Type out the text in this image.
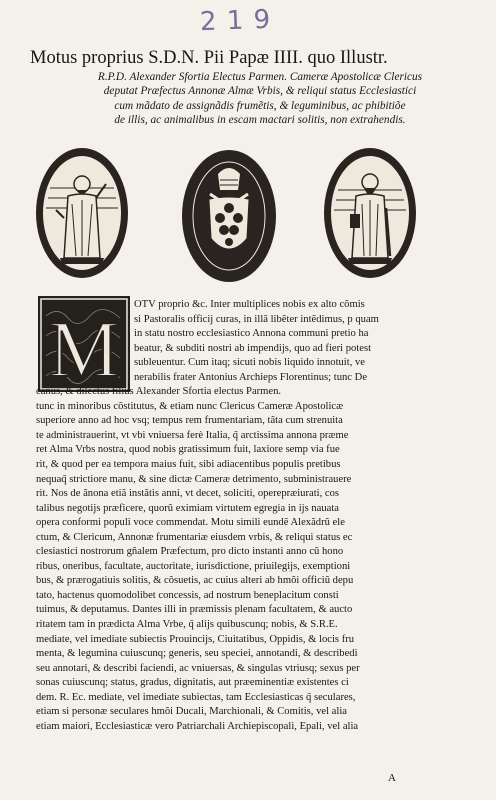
2 1 9
Motus proprius S.D.N. Pii Papæ IIII. quo Illustr.
R.P.D. Alexander Sfortia Electus Parmen. Cameræ Apostolicæ Clericus
deputat Præfectus Annonæ Almæ Vrbis, & reliqui status Ecclesiastici
cum mãdato de assignãdis frumẽtis, & leguminibus, ac phibitiõe
de illis, ac animalibus in escam mactari solitis, non extrahendis.
M
OTV proprio &c. Inter multiplices nobis ex alto cõmis
si Pastoralis officij curas, in illã libẽter intẽdimus, p quam
in statu nostro ecclesiastico Annona communi pretio ha
beatur, & subditi nostri ab impendijs, quo ad fieri potest
subleuentur. Cum itaq; sicuti nobis liquido innotuit, ve
nerabilis frater Antonius Archieps Florentinus; tunc De
canus, & dilectus filius Alexander Sfortia electus Parmen.
tunc in minoribus cõstitutus, & etiam nunc Clericus Cameræ Apostolicæ
superiore anno ad hoc vsq; tempus rem frumentariam, tãta cum strenuita
te administrauerint, vt vbi vniuersa ferè Italia, q̃ arctissima annona præme
ret Alma Vrbs nostra, quod nobis gratissimum fuit, laxiore semp via fue
rit, & quod per ea tempora maius fuit, sibi adiacentibus populis pretibus
nequaq̃ strictiore manu, & sine dictæ Cameræ detrimento, subministrauere
rit. Nos de ãnona etiã instãtis anni, vt decet, soliciti, operepræiurati, cos
talibus negotijs præficere, quorũ eximiam virtutem egregia in ijs nauata
opera conformi populi voce commendat. Motu simili eundẽ Alexãdrũ ele
ctum, & Clericum, Annonæ frumentariæ eiusdem vrbis, & reliqui status ec
clesiastici nostrorum gñalem Præfectum, pro dicto instanti anno cũ hono
ribus, oneribus, facultate, auctoritate, iurisdictione, priuilegijs, exemptioni
bus, & prærogatiuis solitis, & cõsuetis, ac cuius alteri ab hmõi officiũ depu
tato, hactenus quomodolibet concessis, ad nostrum beneplacitum consti
tuimus, & deputamus. Dantes illi in præmissis plenam facultatem, & aucto
ritatem tam in prædicta Alma Vrbe, q̃ alijs quibuscunq; nobis, & S.R.E.
mediate, vel imediate subiectis Prouincijs, Ciuitatibus, Oppidis, & locis fru
menta, & legumina cuiuscunq; generis, seu speciei, annotandi, & describedi
seu annotari, & describi faciendi, ac vniuersas, & singulas vtriusq; sexus per
sonas cuiuscunq; status, gradus, dignitatis, aut præeminentiæ existentes ci
dem. R. Ec. mediate, vel imediate subiectas, tam Ecclesiasticas q̃ seculares,
etiam si personæ seculares hmõi Ducali, Marchionali, & Comitis, vel alia
etiam maiori, Ecclesiasticæ vero Patriarchali Archiepiscopali, Epali, vel alia
A
